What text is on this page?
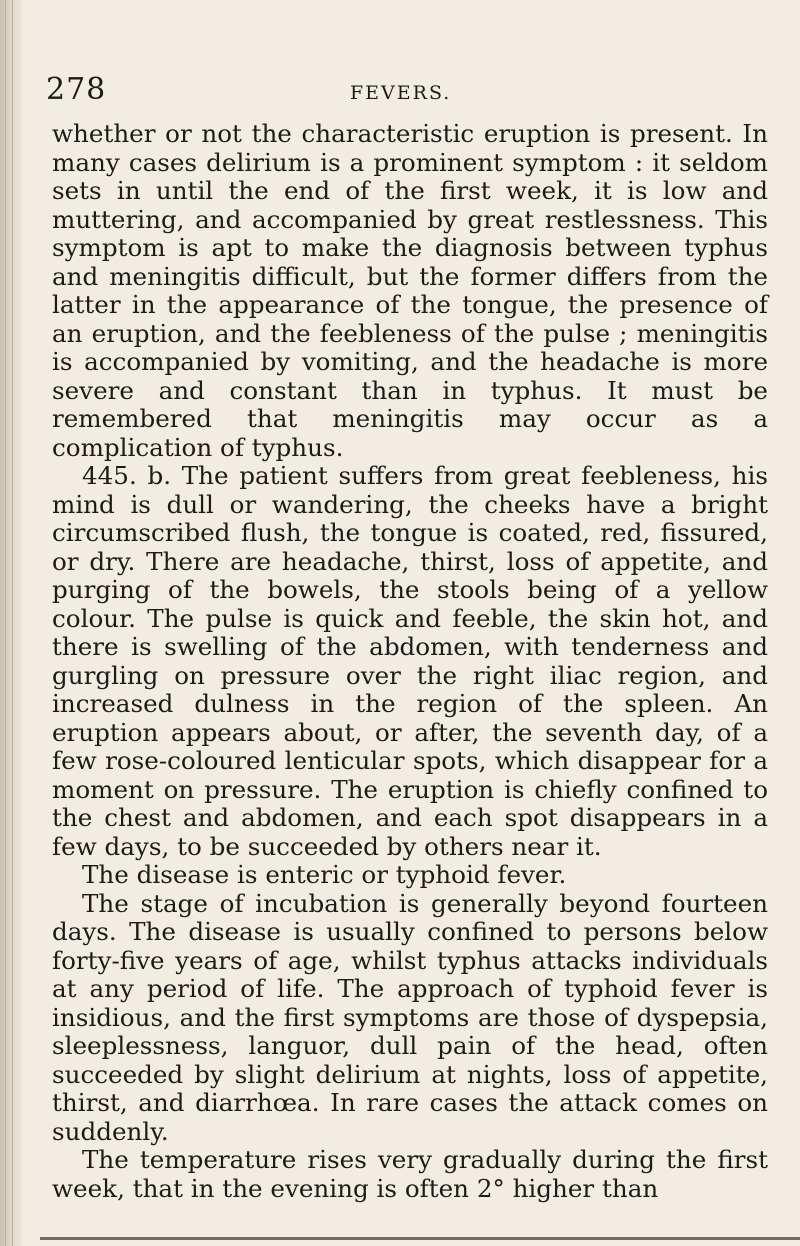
278	FEVERS.

whether or not the characteristic eruption is present. In many cases delirium is a prominent symptom : it seldom sets in until the end of the first week, it is low and muttering, and accompanied by great restlessness. This symptom is apt to make the diagnosis between typhus and meningitis difficult, but the former differs from the latter in the appearance of the tongue, the presence of an eruption, and the feebleness of the pulse ; meningitis is accompanied by vomiting, and the headache is more severe and constant than in typhus. It must be remembered that meningitis may occur as a complication of typhus.

445. b. The patient suffers from great feebleness, his mind is dull or wandering, the cheeks have a bright circumscribed flush, the tongue is coated, red, fissured, or dry. There are headache, thirst, loss of appetite, and purging of the bowels, the stools being of a yellow colour. The pulse is quick and feeble, the skin hot, and there is swelling of the abdomen, with tenderness and gurgling on pressure over the right iliac region, and increased dulness in the region of the spleen. An eruption appears about, or after, the seventh day, of a few rose-coloured lenticular spots, which disappear for a moment on pressure. The eruption is chiefly confined to the chest and abdomen, and each spot disappears in a few days, to be succeeded by others near it.

The disease is enteric or typhoid fever.

The stage of incubation is generally beyond fourteen days. The disease is usually confined to persons below forty-five years of age, whilst typhus attacks individuals at any period of life. The approach of typhoid fever is insidious, and the first symptoms are those of dyspepsia, sleeplessness, languor, dull pain of the head, often succeeded by slight delirium at nights, loss of appetite, thirst, and diarrhœa. In rare cases the attack comes on suddenly.

The temperature rises very gradually during the first week, that in the evening is often 2° higher than
